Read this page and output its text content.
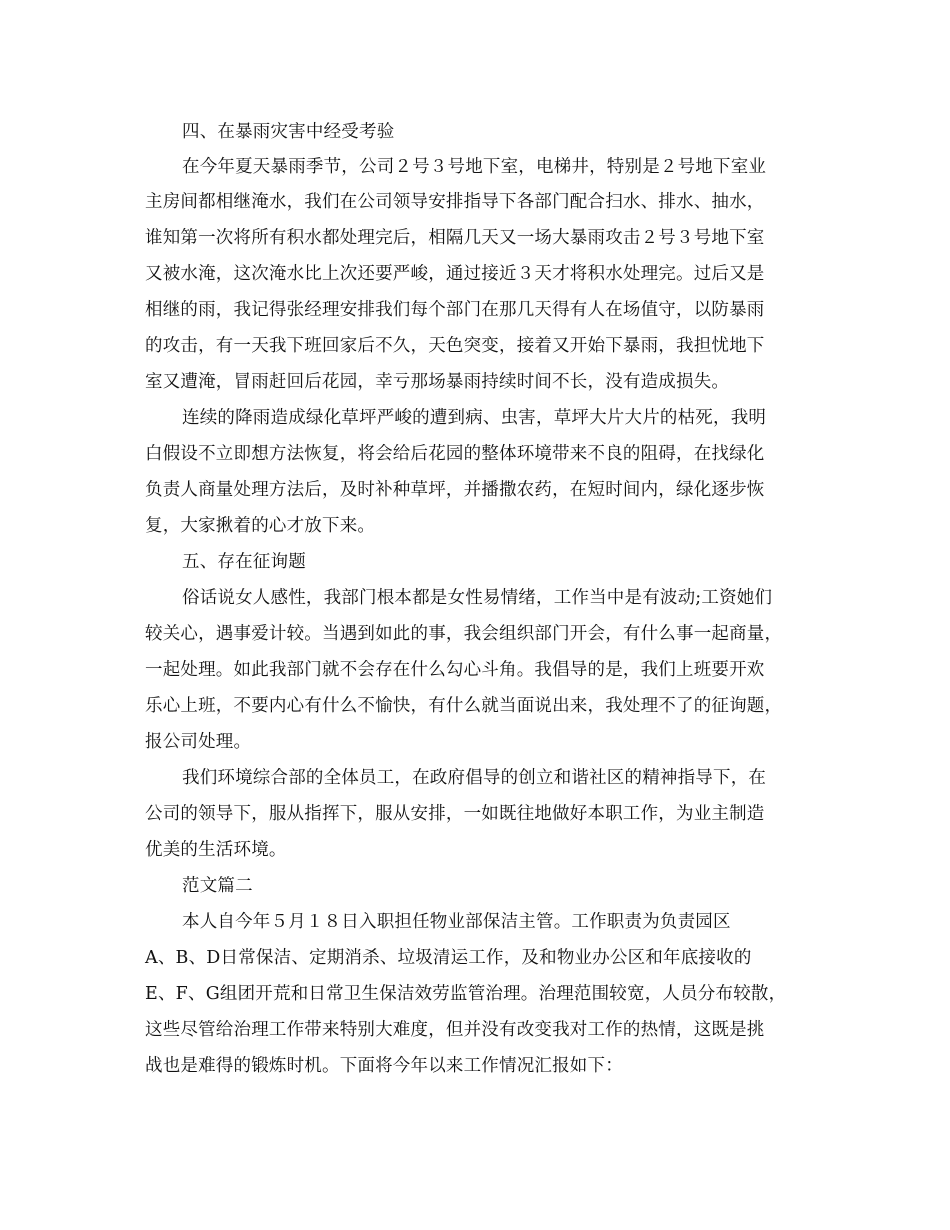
四、在暴雨灾害中经受考验
在今年夏天暴雨季节，公司２号３号地下室，电梯井，特别是２号地下室业
主房间都相继淹水，我们在公司领导安排指导下各部门配合扫水、排水、抽水，
谁知第一次将所有积水都处理完后，相隔几天又一场大暴雨攻击２号３号地下室
又被水淹，这次淹水比上次还要严峻，通过接近３天才将积水处理完。过后又是
相继的雨，我记得张经理安排我们每个部门在那几天得有人在场值守，以防暴雨
的攻击，有一天我下班回家后不久，天色突变，接着又开始下暴雨，我担忧地下
室又遭淹，冒雨赶回后花园，幸亏那场暴雨持续时间不长，没有造成损失。
连续的降雨造成绿化草坪严峻的遭到病、虫害，草坪大片大片的枯死，我明
白假设不立即想方法恢复，将会给后花园的整体环境带来不良的阻碍，在找绿化
负责人商量处理方法后，及时补种草坪，并播撒农药，在短时间内，绿化逐步恢
复，大家揪着的心才放下来。
五、存在征询题
俗话说女人感性，我部门根本都是女性易情绪，工作当中是有波动;工资她们
较关心，遇事爱计较。当遇到如此的事，我会组织部门开会，有什么事一起商量，
一起处理。如此我部门就不会存在什么勾心斗角。我倡导的是，我们上班要开欢
乐心上班，不要内心有什么不愉快，有什么就当面说出来，我处理不了的征询题，
报公司处理。
我们环境综合部的全体员工，在政府倡导的创立和谐社区的精神指导下，在
公司的领导下，服从指挥下，服从安排，一如既往地做好本职工作，为业主制造
优美的生活环境。
范文篇二
本人自今年５月１８日入职担任物业部保洁主管。工作职责为负责园区
A、B、D日常保洁、定期消杀、垃圾清运工作，及和物业办公区和年底接收的
E、F、G组团开荒和日常卫生保洁效劳监管治理。治理范围较宽，人员分布较散，
这些尽管给治理工作带来特别大难度，但并没有改变我对工作的热情，这既是挑
战也是难得的锻炼时机。下面将今年以来工作情况汇报如下：
